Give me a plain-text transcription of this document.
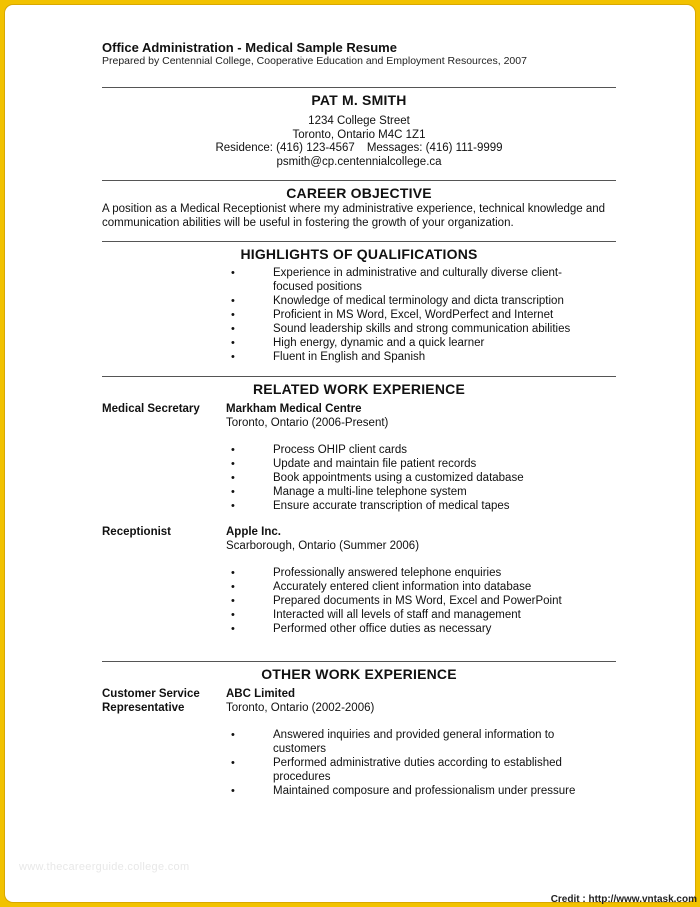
Office Administration - Medical Sample Resume
Prepared by Centennial College, Cooperative Education and Employment Resources, 2007
PAT M. SMITH
1234 College Street
Toronto, Ontario M4C 1Z1
Residence: (416) 123-4567 Messages: (416) 111-9999
psmith@cp.centennialcollege.ca
CAREER OBJECTIVE
A position as a Medical Receptionist where my administrative experience, technical knowledge and communication abilities will be useful in fostering the growth of your organization.
HIGHLIGHTS OF QUALIFICATIONS
• Experience in administrative and culturally diverse client-focused positions
• Knowledge of medical terminology and dicta transcription
• Proficient in MS Word, Excel, WordPerfect and Internet
• Sound leadership skills and strong communication abilities
• High energy, dynamic and a quick learner
• Fluent in English and Spanish
RELATED WORK EXPERIENCE
Medical Secretary	Markham Medical Centre
Toronto, Ontario (2006-Present)
• Process OHIP client cards
• Update and maintain file patient records
• Book appointments using a customized database
• Manage a multi-line telephone system
• Ensure accurate transcription of medical tapes
Receptionist	Apple Inc.
Scarborough, Ontario (Summer 2006)
• Professionally answered telephone enquiries
• Accurately entered client information into database
• Prepared documents in MS Word, Excel and PowerPoint
• Interacted will all levels of staff and management
• Performed other office duties as necessary
OTHER WORK EXPERIENCE
Customer Service Representative
ABC Limited
Toronto, Ontario (2002-2006)
• Answered inquiries and provided general information to customers
• Performed administrative duties according to established procedures
• Maintained composure and professionalism under pressure
www.thecareerguide.college.com
Credit : http://www.vntask.com
